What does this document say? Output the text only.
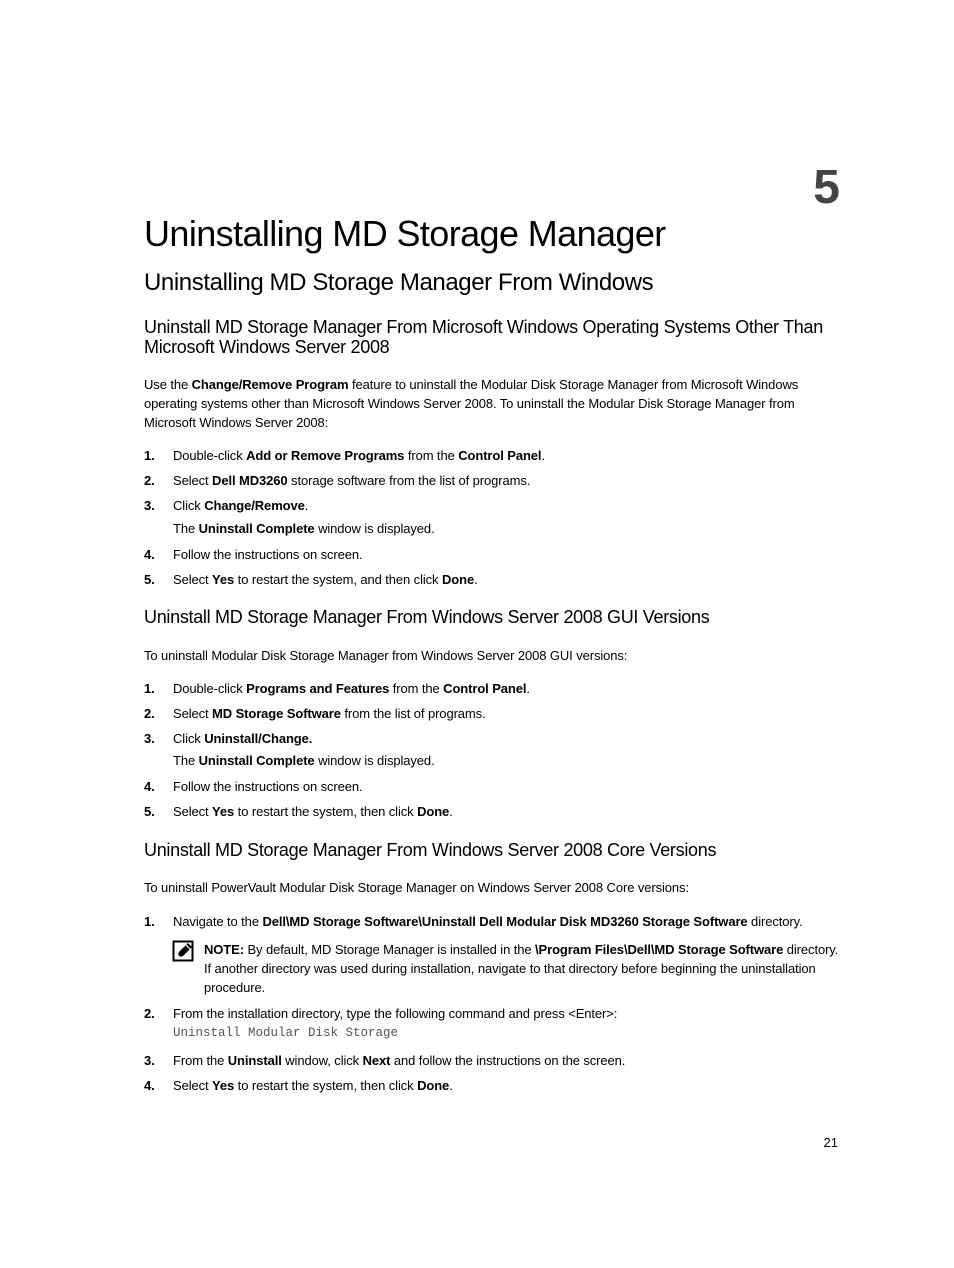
5
Uninstalling MD Storage Manager
Uninstalling MD Storage Manager From Windows
Uninstall MD Storage Manager From Microsoft Windows Operating Systems Other Than Microsoft Windows Server 2008
Use the Change/Remove Program feature to uninstall the Modular Disk Storage Manager from Microsoft Windows operating systems other than Microsoft Windows Server 2008. To uninstall the Modular Disk Storage Manager from Microsoft Windows Server 2008:
1. Double-click Add or Remove Programs from the Control Panel.
2. Select Dell MD3260 storage software from the list of programs.
3. Click Change/Remove.
The Uninstall Complete window is displayed.
4. Follow the instructions on screen.
5. Select Yes to restart the system, and then click Done.
Uninstall MD Storage Manager From Windows Server 2008 GUI Versions
To uninstall Modular Disk Storage Manager from Windows Server 2008 GUI versions:
1. Double-click Programs and Features from the Control Panel.
2. Select MD Storage Software from the list of programs.
3. Click Uninstall/Change.
The Uninstall Complete window is displayed.
4. Follow the instructions on screen.
5. Select Yes to restart the system, then click Done.
Uninstall MD Storage Manager From Windows Server 2008 Core Versions
To uninstall PowerVault Modular Disk Storage Manager on Windows Server 2008 Core versions:
1. Navigate to the Dell\MD Storage Software\Uninstall Dell Modular Disk MD3260 Storage Software directory.
NOTE: By default, MD Storage Manager is installed in the \Program Files\Dell\MD Storage Software directory. If another directory was used during installation, navigate to that directory before beginning the uninstallation procedure.
2. From the installation directory, type the following command and press <Enter>:
Uninstall Modular Disk Storage
3. From the Uninstall window, click Next and follow the instructions on the screen.
4. Select Yes to restart the system, then click Done.
21
